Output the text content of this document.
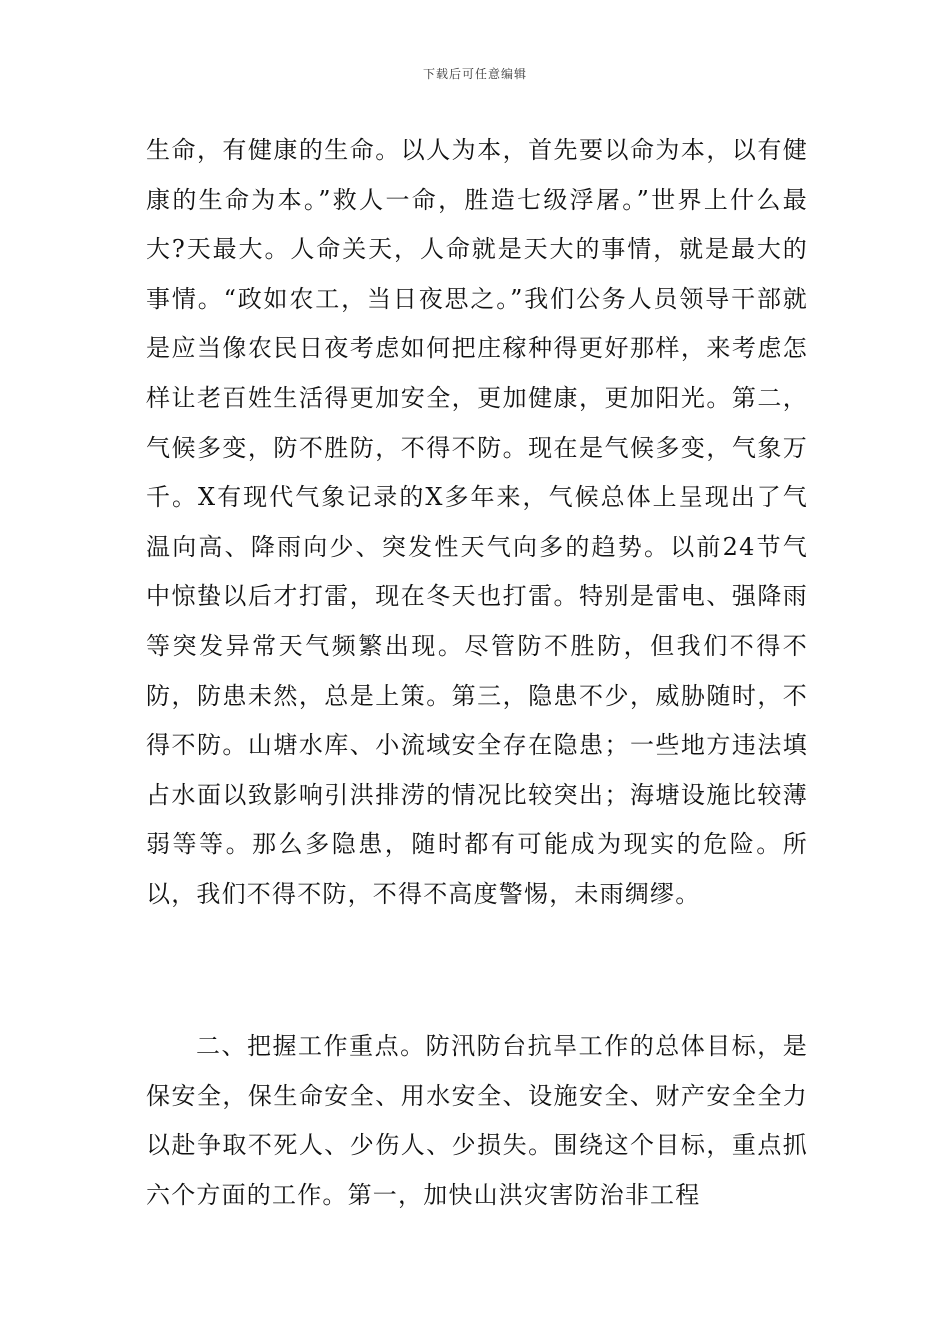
下载后可任意编辑

生命，有健康的生命。以人为本，首先要以命为本，以有健康的生命为本。”救人一命，胜造七级浮屠。”世界上什么最大?天最大。人命关天，人命就是天大的事情，就是最大的事情。“政如农工，当日夜思之。”我们公务人员领导干部就是应当像农民日夜考虑如何把庄稼种得更好那样，来考虑怎样让老百姓生活得更加安全，更加健康，更加阳光。第二，气候多变，防不胜防，不得不防。现在是气候多变，气象万千。X有现代气象记录的X多年来，气候总体上呈现出了气温向高、降雨向少、突发性天气向多的趋势。以前24节气中惊蛰以后才打雷，现在冬天也打雷。特别是雷电、强降雨等突发异常天气频繁出现。尽管防不胜防，但我们不得不防，防患未然，总是上策。第三，隐患不少，威胁随时，不得不防。山塘水库、小流域安全存在隐患；一些地方违法填占水面以致影响引洪排涝的情况比较突出；海塘设施比较薄弱等等。那么多隐患，随时都有可能成为现实的危险。所以，我们不得不防，不得不高度警惕，未雨绸缪。

二、把握工作重点。防汛防台抗旱工作的总体目标，是保安全，保生命安全、用水安全、设施安全、财产安全全力以赴争取不死人、少伤人、少损失。围绕这个目标，重点抓六个方面的工作。第一，加快山洪灾害防治非工程
